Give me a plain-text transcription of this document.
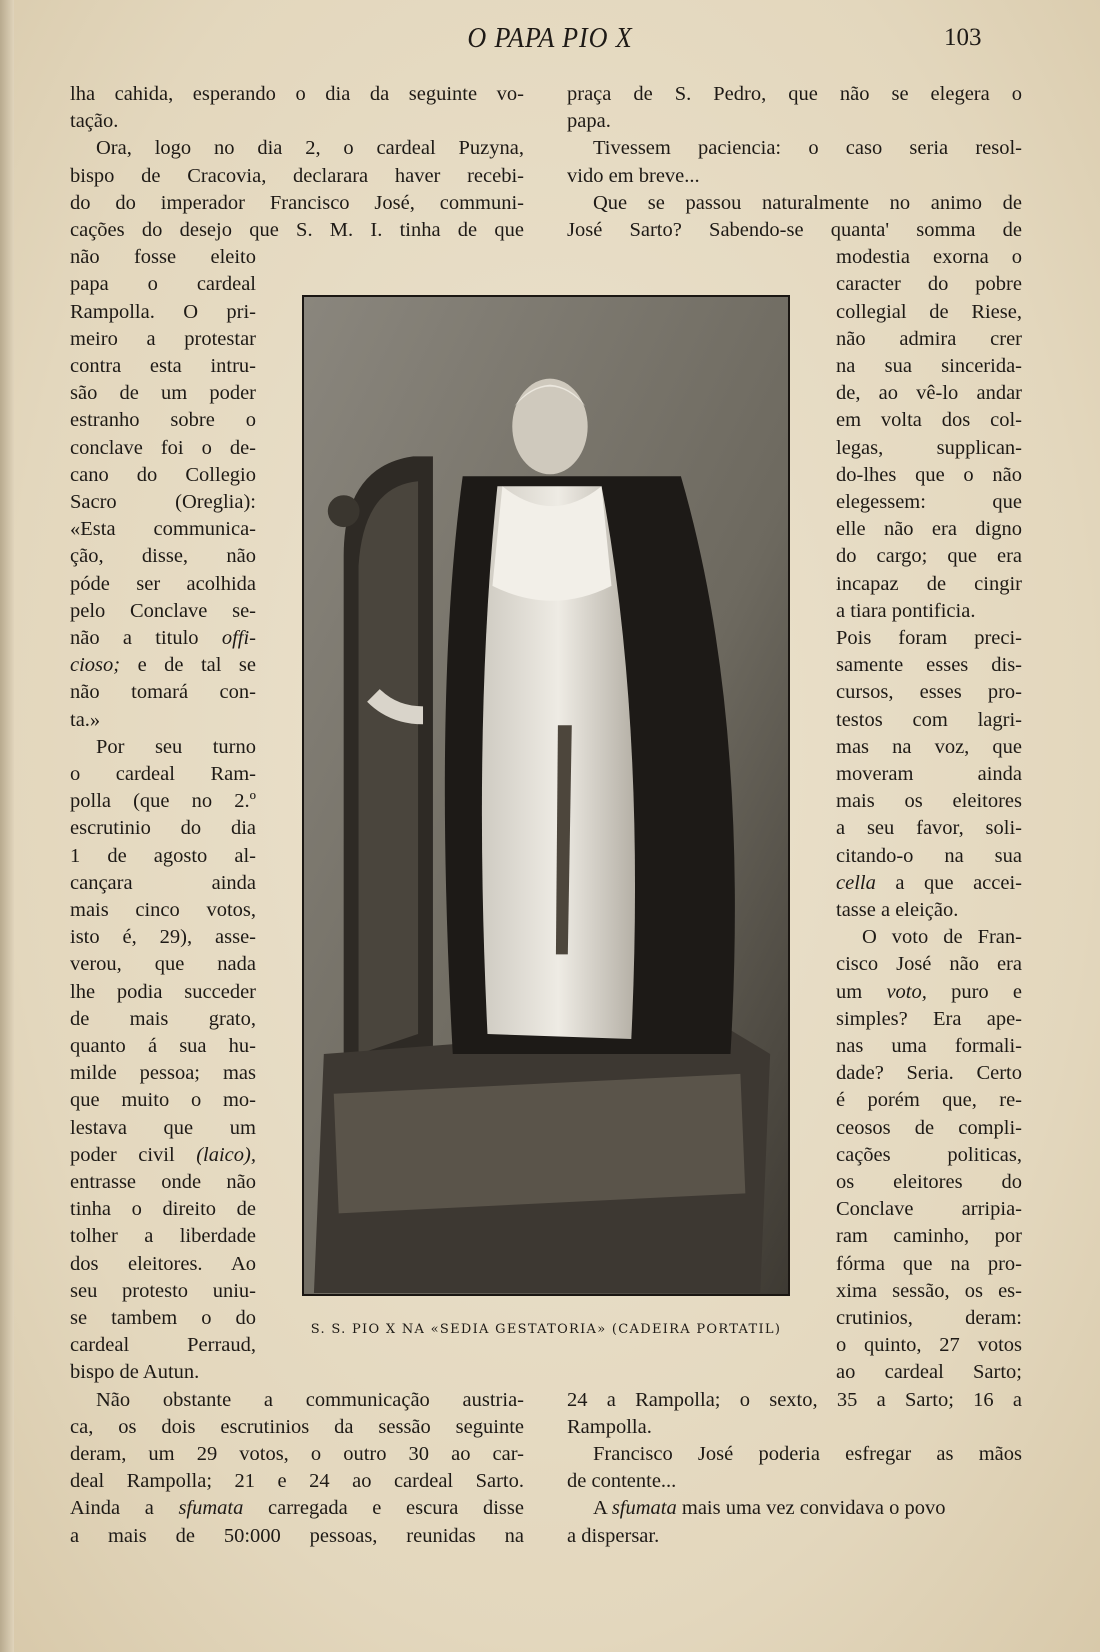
O PAPA PIO X	103
lha cahida, esperando o dia da seguinte vo-
tação.
Ora, logo no dia 2, o cardeal Puzyna,
bispo de Cracovia, declarara haver recebi-
do do imperador Francisco José, communi-
cações do desejo que S. M. I. tinha de que
não fosse eleito
papa o cardeal
Rampolla. O pri-
meiro a protestar
contra esta intru-
são de um poder
estranho sobre o
conclave foi o de-
cano do Collegio
Sacro (Oreglia):
«Esta communica-
ção, disse, não
póde ser acolhida
pelo Conclave se-
não a titulo offi-
cioso; e de tal se
não tomará con-
ta.»
Por seu turno
o cardeal Ram-
polla (que no 2.º
escrutinio do dia
1 de agosto al-
cançara ainda
mais cinco votos,
isto é, 29), asse-
verou, que nada
lhe podia succeder
de mais grato,
quanto á sua hu-
milde pessoa; mas
que muito o mo-
lestava que um
poder civil (laico),
entrasse onde não
tinha o direito de
tolher a liberdade
dos eleitores. Ao
seu protesto uniu-
se tambem o do
cardeal Perraud,
bispo de Autun.
Não obstante a communicação austria-
ca, os dois escrutinios da sessão seguinte
deram, um 29 votos, o outro 30 ao car-
deal Rampolla; 21 e 24 ao cardeal Sarto.
Ainda a sfumata carregada e escura disse
a mais de 50:000 pessoas, reunidas na
praça de S. Pedro, que não se elegera o
papa.
Tivessem paciencia: o caso seria resol-
vido em breve...
Que se passou naturalmente no animo de
José Sarto? Sabendo-se quanta' somma de
modestia exorna o
caracter do pobre
collegial de Riese,
não admira crer
na sua sincerida-
de, ao vê-lo andar
em volta dos col-
legas, supplican-
do-lhes que o não
elegessem: que
elle não era digno
do cargo; que era
incapaz de cingir
a tiara pontificia.
Pois foram preci-
samente esses dis-
cursos, esses pro-
testos com lagri-
mas na voz, que
moveram ainda
mais os eleitores
a seu favor, soli-
citando-o na sua
cella a que accei-
tasse a eleição.
O voto de Fran-
cisco José não era
um voto, puro e
simples? Era ape-
nas uma formali-
dade? Seria. Certo
é porém que, re-
ceosos de compli-
cações politicas,
os eleitores do
Conclave arripia-
ram caminho, por
fórma que na pro-
xima sessão, os es-
crutinios, deram:
o quinto, 27 votos
ao cardeal Sarto;
24 a Rampolla; o sexto, 35 a Sarto; 16 a
Rampolla.
Francisco José poderia esfregar as mãos
de contente...
A sfumata mais uma vez convidava o povo
a dispersar.
S. S. PIO X NA «SEDIA GESTATORIA» (CADEIRA PORTATIL)
